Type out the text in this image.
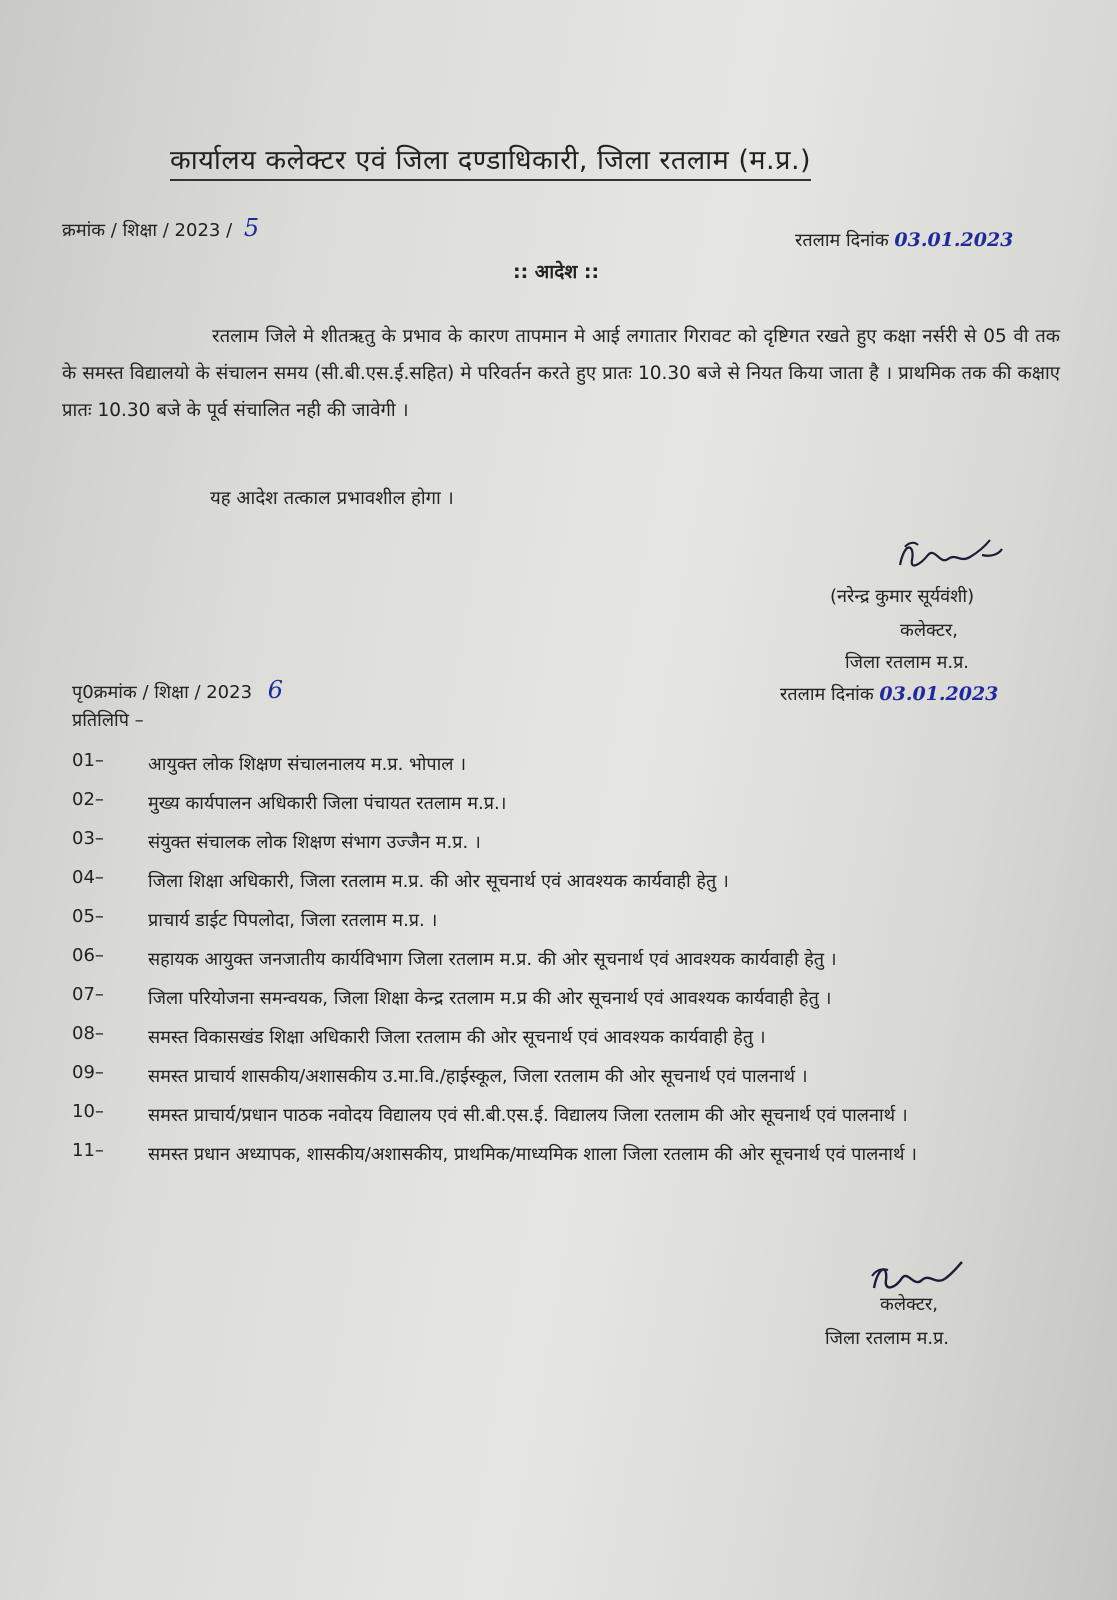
कार्यालय कलेक्टर एवं जिला दण्डाधिकारी, जिला रतलाम (म.प्र.)
क्रमांक / शिक्षा / 2023 / 5	रतलाम दिनांक 03.01.2023
:: आदेश ::
रतलाम जिले मे शीतऋतु के प्रभाव के कारण तापमान मे आई लगातार गिरावट को दृष्टिगत रखते हुए कक्षा नर्सरी से 05 वी तक के समस्त विद्यालयो के संचालन समय (सी.बी.एस.ई.सहित) मे परिवर्तन करते हुए प्रातः 10.30 बजे से नियत किया जाता है । प्राथमिक तक की कक्षाए प्रातः 10.30 बजे के पूर्व संचालित नही की जावेगी ।
यह आदेश तत्काल प्रभावशील होगा ।
(नरेन्द्र कुमार सूर्यवंशी)
कलेक्टर,
जिला रतलाम म.प्र.
पृ0क्रमांक / शिक्षा / 2023 6	रतलाम दिनांक 03.01.2023
प्रतिलिपि –
01–	आयुक्त लोक शिक्षण संचालनालय म.प्र. भोपाल ।
02–	मुख्य कार्यपालन अधिकारी जिला पंचायत रतलाम म.प्र.।
03–	संयुक्त संचालक लोक शिक्षण संभाग उज्जैन म.प्र. ।
04–	जिला शिक्षा अधिकारी, जिला रतलाम म.प्र. की ओर सूचनार्थ एवं आवश्यक कार्यवाही हेतु ।
05–	प्राचार्य डाईट पिपलोदा, जिला रतलाम म.प्र. ।
06–	सहायक आयुक्त जनजातीय कार्यविभाग जिला रतलाम म.प्र. की ओर सूचनार्थ एवं आवश्यक कार्यवाही हेतु ।
07–	जिला परियोजना समन्वयक, जिला शिक्षा केन्द्र रतलाम म.प्र की ओर सूचनार्थ एवं आवश्यक कार्यवाही हेतु ।
08–	समस्त विकासखंड शिक्षा अधिकारी जिला रतलाम की ओर सूचनार्थ एवं आवश्यक कार्यवाही हेतु ।
09–	समस्त प्राचार्य शासकीय/अशासकीय उ.मा.वि./हाईस्कूल, जिला रतलाम की ओर सूचनार्थ एवं पालनार्थ ।
10–	समस्त प्राचार्य/प्रधान पाठक नवोदय विद्यालय एवं सी.बी.एस.ई. विद्यालय जिला रतलाम की ओर सूचनार्थ एवं पालनार्थ ।
11–	समस्त प्रधान अध्यापक, शासकीय/अशासकीय, प्राथमिक/माध्यमिक शाला जिला रतलाम की ओर सूचनार्थ एवं पालनार्थ ।
कलेक्टर,
जिला रतलाम म.प्र.
